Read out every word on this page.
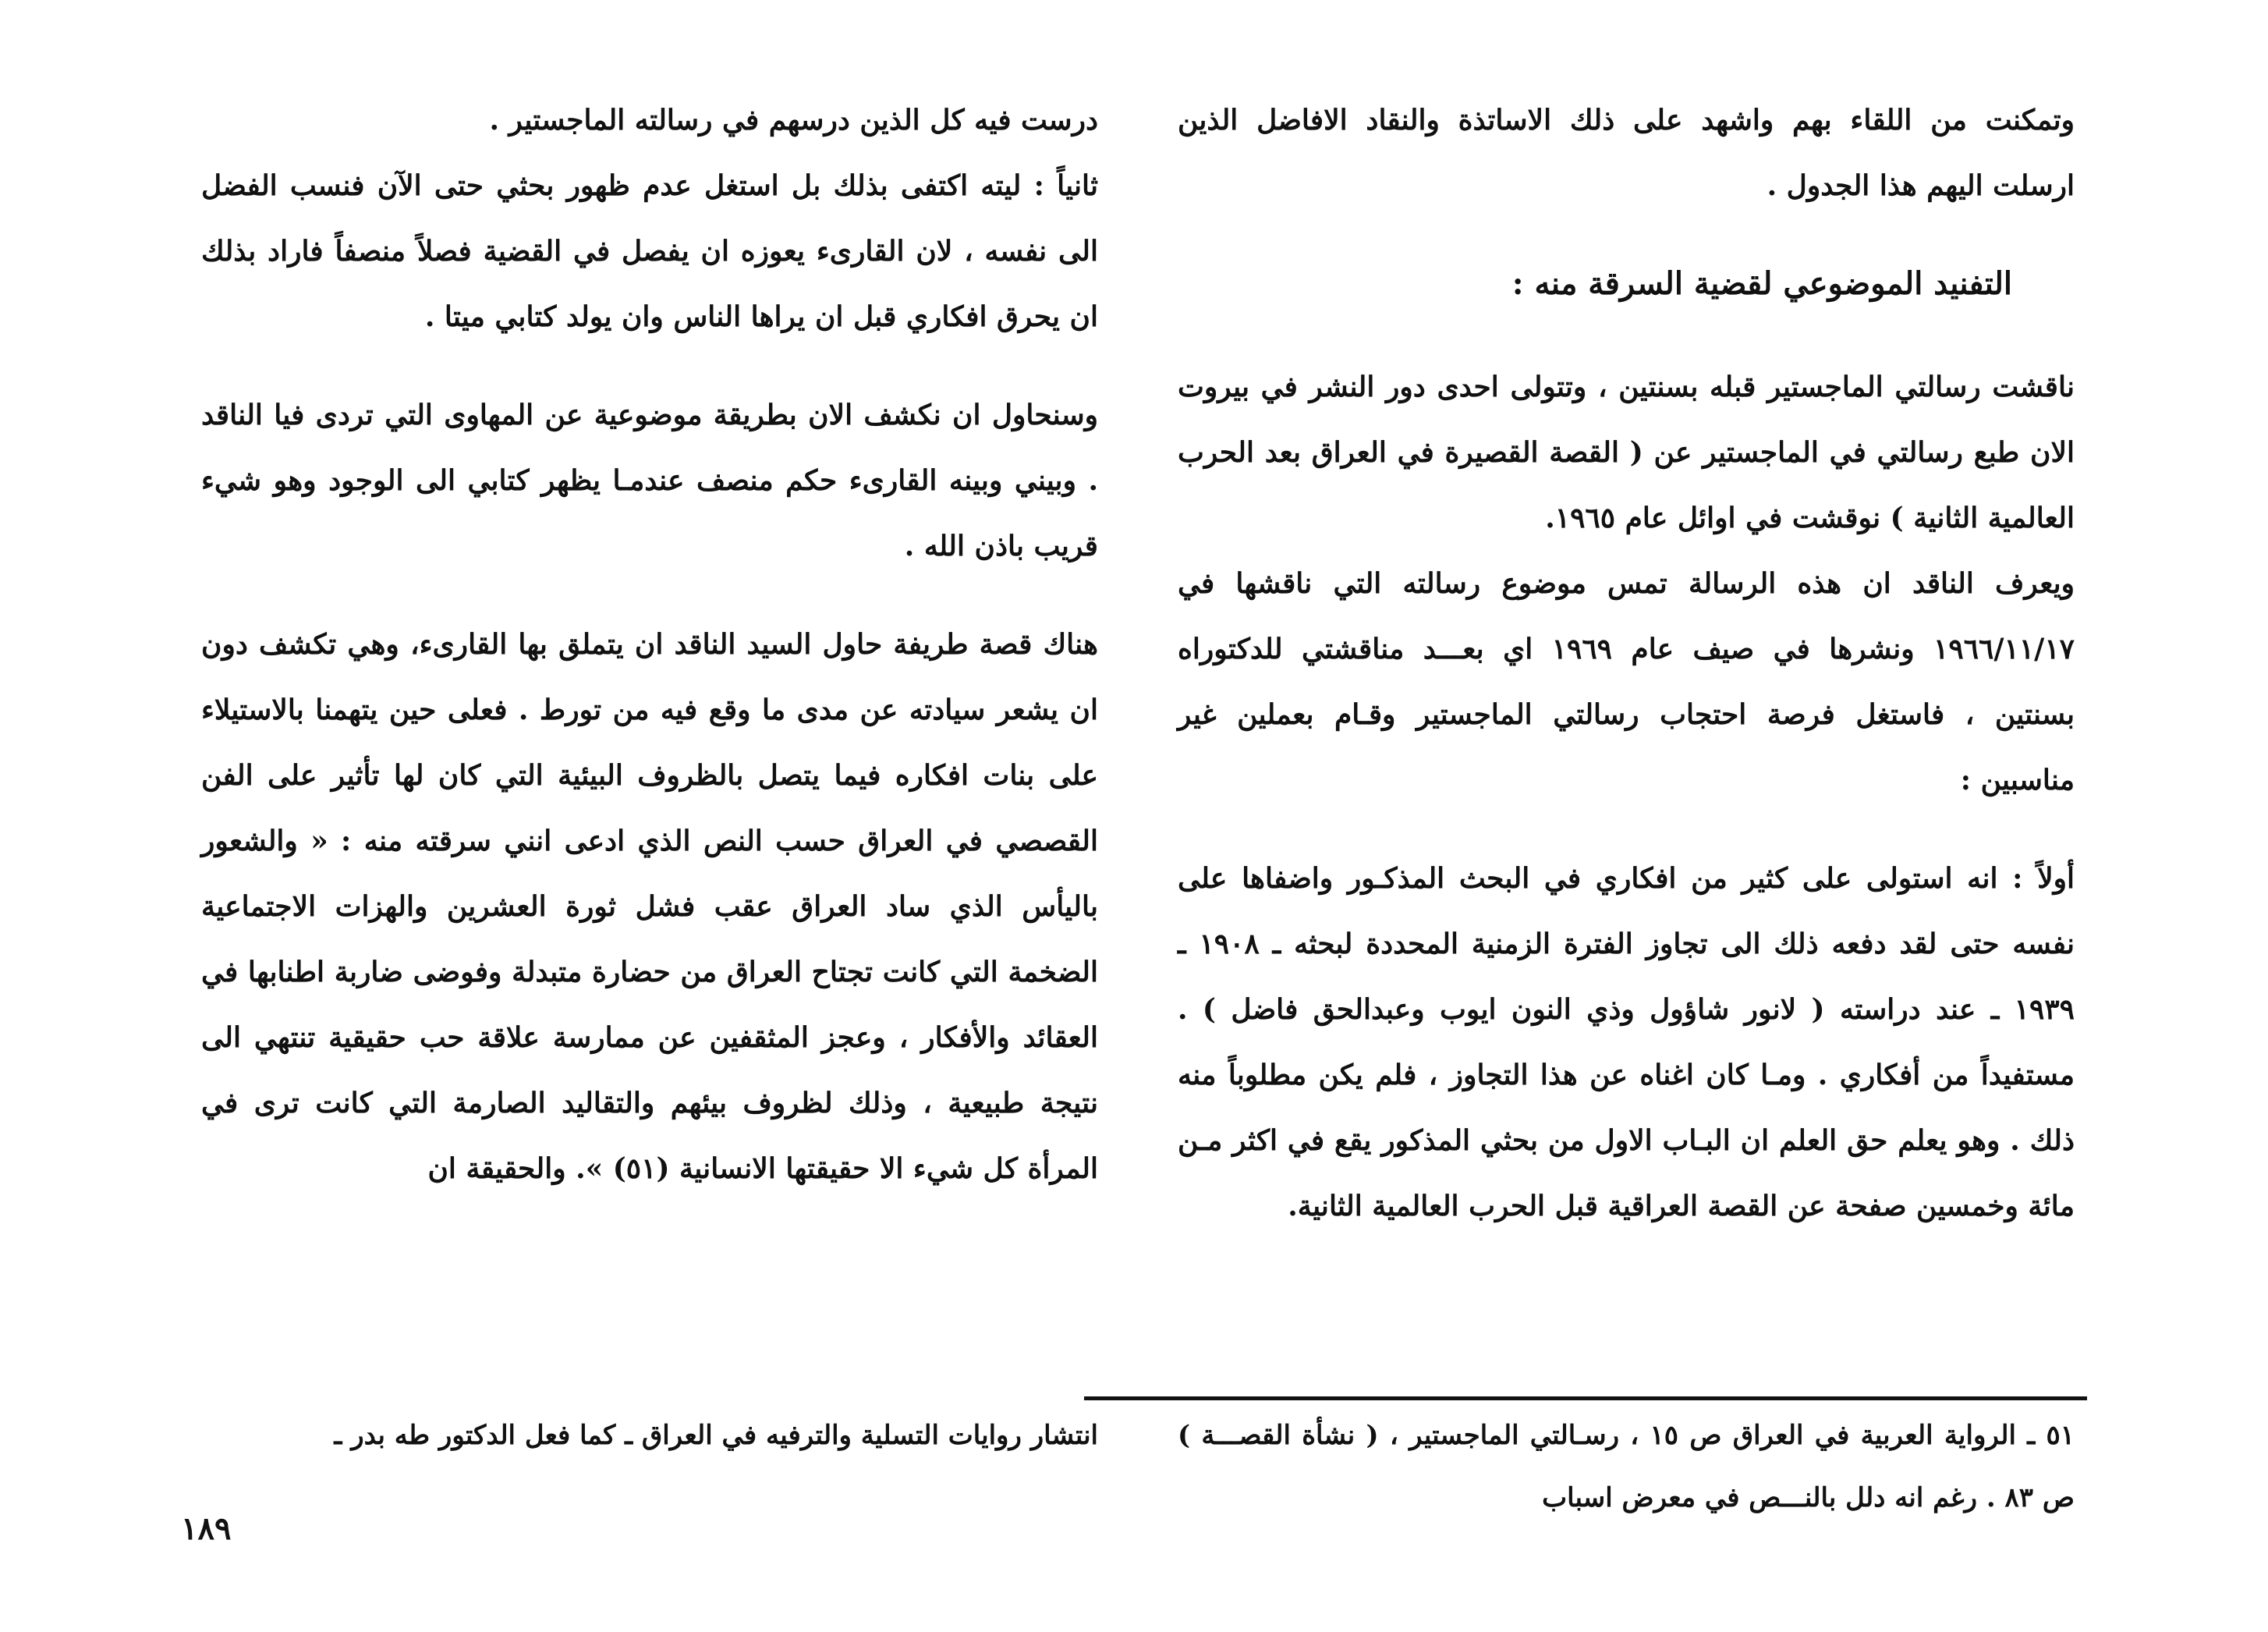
وتمكنت من اللقاء بهم واشهد على ذلك الاساتذة والنقاد الافاضل الذين ارسلت اليهم هذا الجدول .

التفنيد الموضوعي لقضية السرقة منه :

ناقشت رسالتي الماجستير قبله بسنتين ، وتتولى احدى دور النشر في بيروت الان طبع رسالتي في الماجستير عن ( القصة القصيرة في العراق بعد الحرب العالمية الثانية ) نوقشت في اوائل عام ١٩٦٥.

ويعرف الناقد ان هذه الرسالة تمس موضوع رسالته التي ناقشها في ١٩٦٦/١١/١٧ ونشرها في صيف عام ١٩٦٩ اي بعـــد مناقشتي للدكتوراه بسنتين ، فاستغل فرصة احتجاب رسالتي الماجستير وقـام بعملين غير مناسبين :

أولاً : انه استولى على كثير من افكاري في البحث المذكـور واضفاها على نفسه حتى لقد دفعه ذلك الى تجاوز الفترة الزمنية المحددة لبحثه ـ ١٩٠٨ ـ ١٩٣٩ ـ عند دراسته ( لانور شاؤول وذي النون ايوب وعبدالحق فاضل ) . مستفيداً من أفكاري . ومـا كان اغناه عن هذا التجاوز ، فلم يكن مطلوباً منه ذلك . وهو يعلم حق العلم ان البـاب الاول من بحثي المذكور يقع في اكثر مـن مائة وخمسين صفحة عن القصة العراقية قبل الحرب العالمية الثانية.

درست فيه كل الذين درسهم في رسالته الماجستير .

ثانياً : ليته اكتفى بذلك بل استغل عدم ظهور بحثي حتى الآن فنسب الفضل الى نفسه ، لان القارىء يعوزه ان يفصل في القضية فصلاً منصفاً فاراد بذلك ان يحرق افكاري قبل ان يراها الناس وان يولد كتابي ميتا .

وسنحاول ان نكشف الان بطريقة موضوعية عن المهاوى التي تردى فيا الناقد . وبيني وبينه القارىء حكم منصف عندمـا يظهر كتابي الى الوجود وهو شيء قريب باذن الله .

هناك قصة طريفة حاول السيد الناقد ان يتملق بها القارىء، وهي تكشف دون ان يشعر سيادته عن مدى ما وقع فيه من تورط . فعلى حين يتهمنا بالاستيلاء على بنات افكاره فيما يتصل بالظروف البيئية التي كان لها تأثير على الفن القصصي في العراق حسب النص الذي ادعى انني سرقته منه : « والشعور باليأس الذي ساد العراق عقب فشل ثورة العشرين والهزات الاجتماعية الضخمة التي كانت تجتاح العراق من حضارة متبدلة وفوضى ضاربة اطنابها في العقائد والأفكار ، وعجز المثقفين عن ممارسة علاقة حب حقيقية تنتهي الى نتيجة طبيعية ، وذلك لظروف بيئهم والتقاليد الصارمة التي كانت ترى في المرأة كل شيء الا حقيقتها الانسانية (٥١) ». والحقيقة ان

٥١ ـ الرواية العربية في العراق ص ١٥ ، رسـالتي الماجستير ، ( نشأة القصـــة ) ص ٨٣ . رغم انه دلل بالنـــص في معرض اسباب
انتشار روايات التسلية والترفيه في العراق ـ كما فعل الدكتور طه بدر ـ
١٨٩
